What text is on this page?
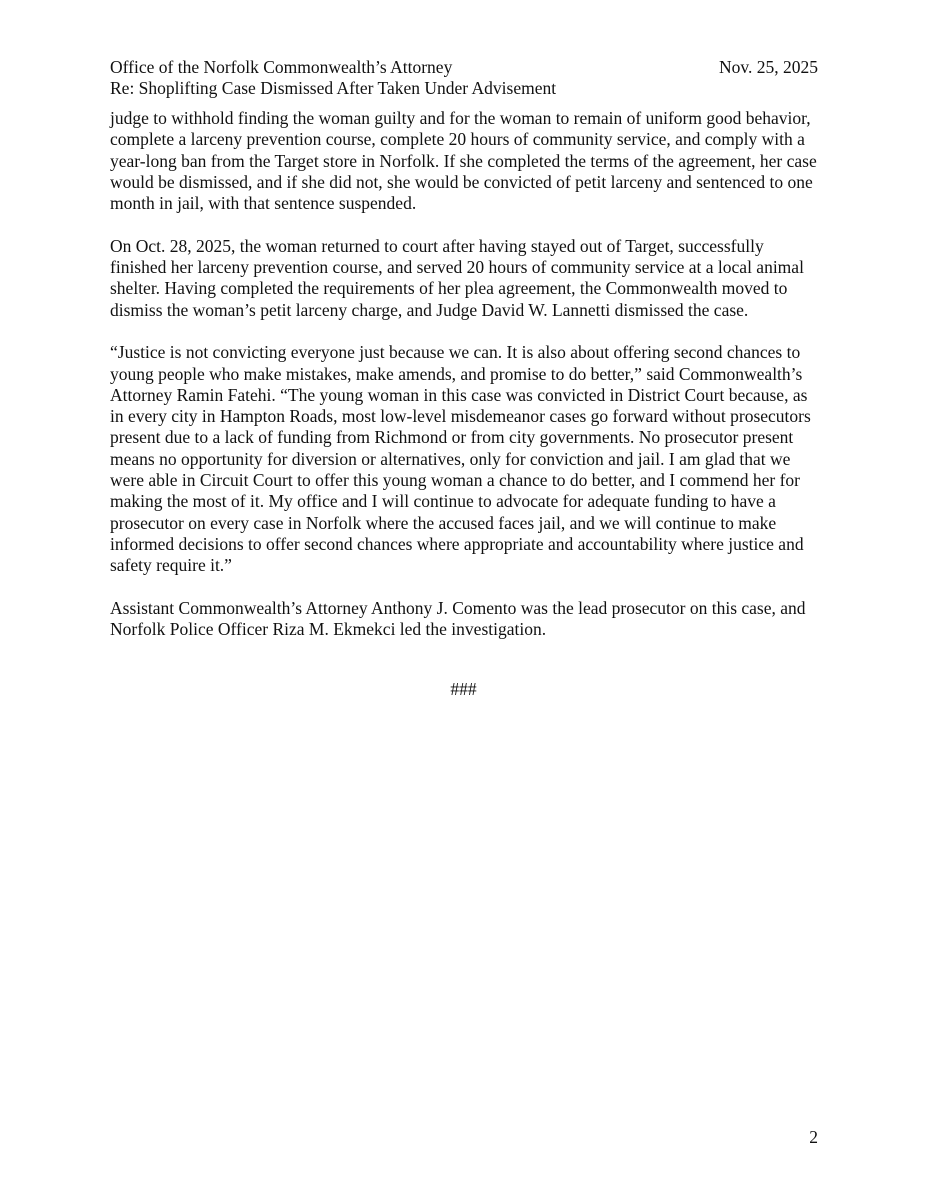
Office of the Norfolk Commonwealth’s Attorney
Re: Shoplifting Case Dismissed After Taken Under Advisement
Nov. 25, 2025

judge to withhold finding the woman guilty and for the woman to remain of uniform good behavior, complete a larceny prevention course, complete 20 hours of community service, and comply with a year-long ban from the Target store in Norfolk. If she completed the terms of the agreement, her case would be dismissed, and if she did not, she would be convicted of petit larceny and sentenced to one month in jail, with that sentence suspended.

On Oct. 28, 2025, the woman returned to court after having stayed out of Target, successfully finished her larceny prevention course, and served 20 hours of community service at a local animal shelter. Having completed the requirements of her plea agreement, the Commonwealth moved to dismiss the woman’s petit larceny charge, and Judge David W. Lannetti dismissed the case.

“Justice is not convicting everyone just because we can. It is also about offering second chances to young people who make mistakes, make amends, and promise to do better,” said Commonwealth’s Attorney Ramin Fatehi. “The young woman in this case was convicted in District Court because, as in every city in Hampton Roads, most low-level misdemeanor cases go forward without prosecutors present due to a lack of funding from Richmond or from city governments. No prosecutor present means no opportunity for diversion or alternatives, only for conviction and jail. I am glad that we were able in Circuit Court to offer this young woman a chance to do better, and I commend her for making the most of it. My office and I will continue to advocate for adequate funding to have a prosecutor on every case in Norfolk where the accused faces jail, and we will continue to make informed decisions to offer second chances where appropriate and accountability where justice and safety require it.”

Assistant Commonwealth’s Attorney Anthony J. Comento was the lead prosecutor on this case, and Norfolk Police Officer Riza M. Ekmekci led the investigation.

###
2
